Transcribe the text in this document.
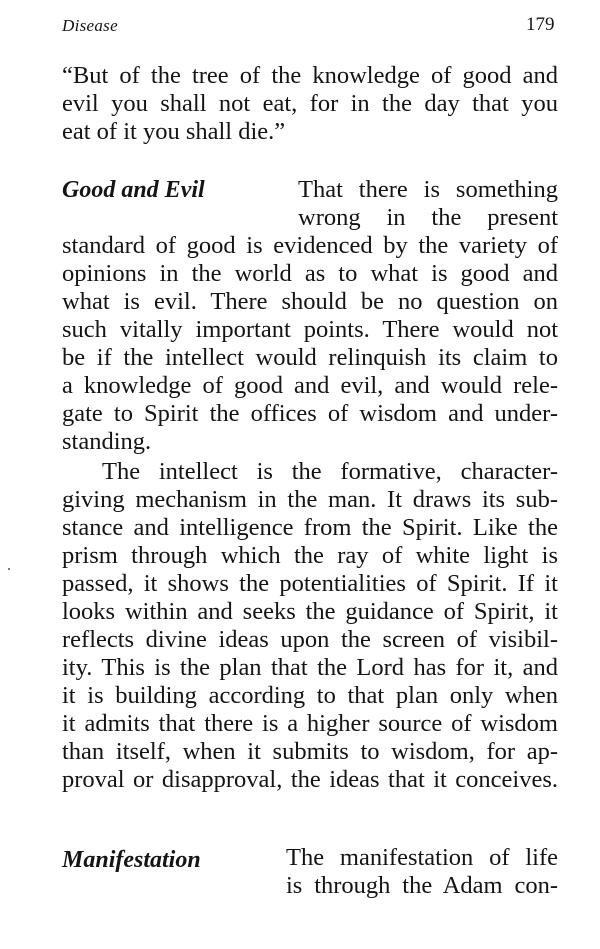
Disease	179
“But of the tree of the knowledge of good and
evil you shall not eat, for in the day that you
eat of it you shall die.”
Good and Evil	That there is something
wrong in the present
standard of good is evidenced by the variety of
opinions in the world as to what is good and
what is evil. There should be no question on
such vitally important points. There would not
be if the intellect would relinquish its claim to
a knowledge of good and evil, and would rele-
gate to Spirit the offices of wisdom and under-
standing.
The intellect is the formative, character-
giving mechanism in the man. It draws its sub-
stance and intelligence from the Spirit. Like the
prism through which the ray of white light is
passed, it shows the potentialities of Spirit. If it
looks within and seeks the guidance of Spirit, it
reflects divine ideas upon the screen of visibil-
ity. This is the plan that the Lord has for it, and
it is building according to that plan only when
it admits that there is a higher source of wisdom
than itself, when it submits to wisdom, for ap-
proval or disapproval, the ideas that it conceives.
Manifestation	The manifestation of life
is through the Adam con-
